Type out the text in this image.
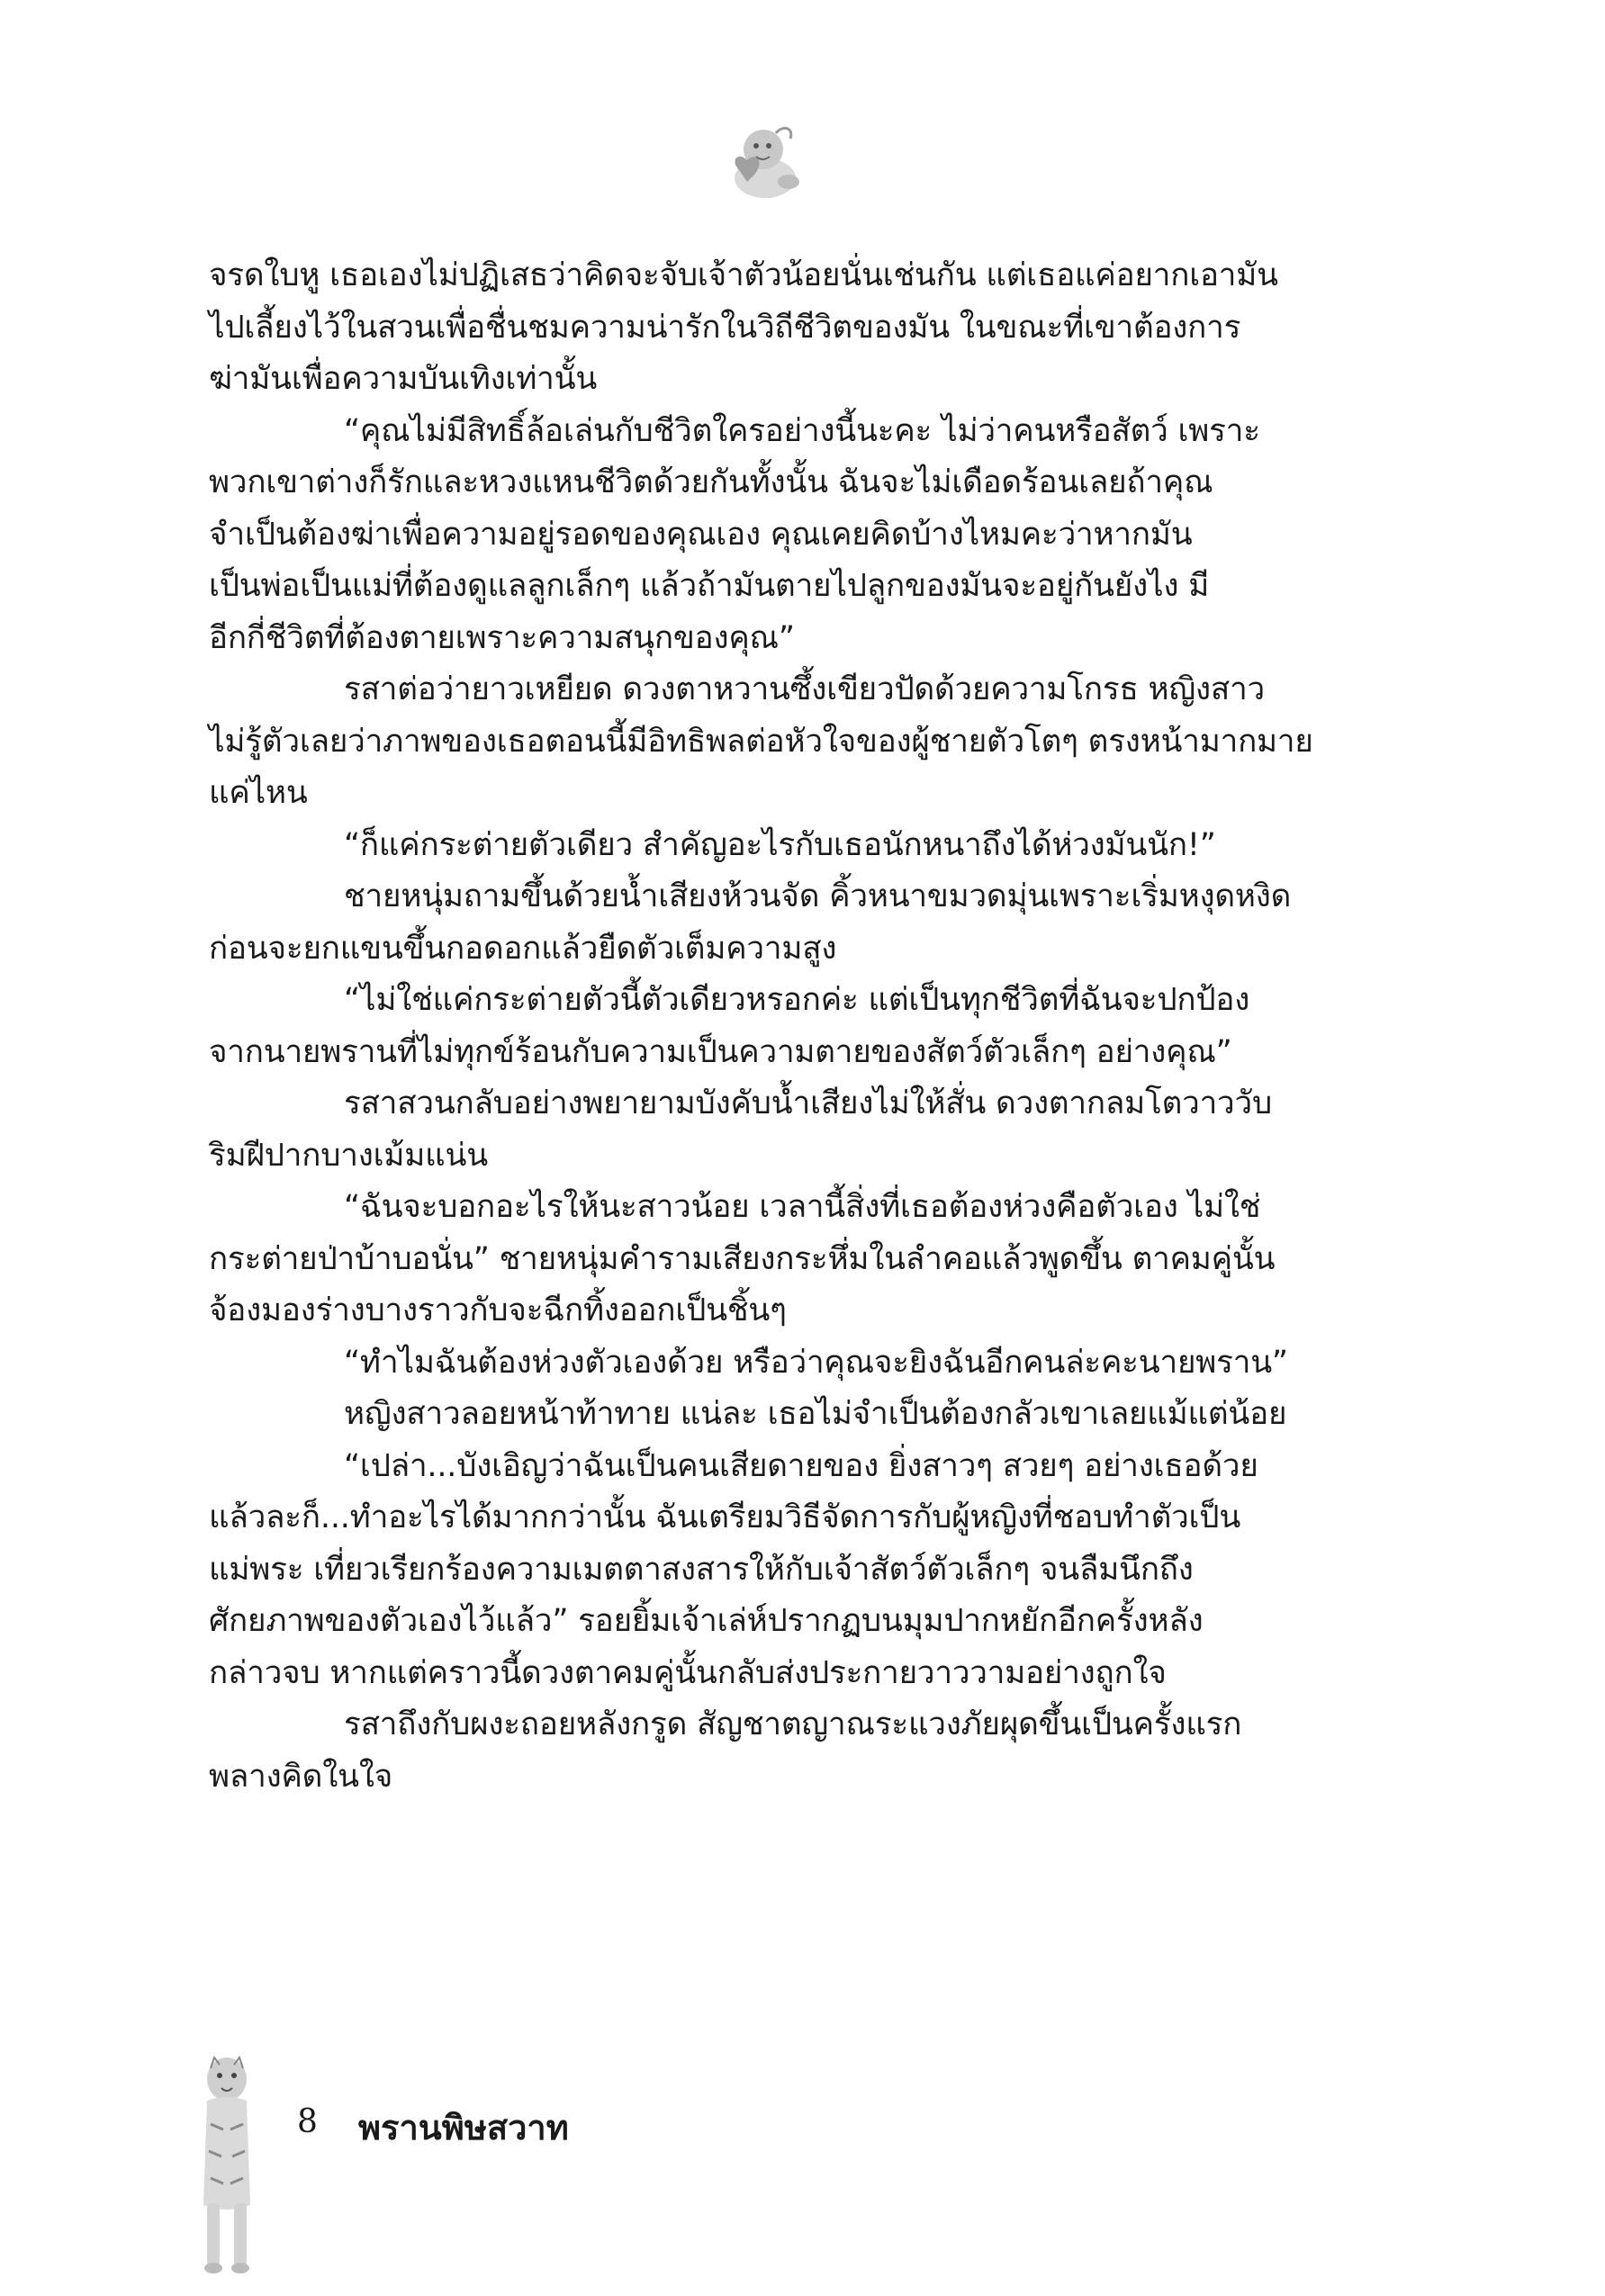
จรดใบหู เธอเองไม่ปฏิเสธว่าคิดจะจับเจ้าตัวน้อยนั่นเช่นกัน แต่เธอแค่อยากเอามัน
ไปเลี้ยงไว้ในสวนเพื่อชื่นชมความน่ารักในวิถีชีวิตของมัน ในขณะที่เขาต้องการ
ฆ่ามันเพื่อความบันเทิงเท่านั้น
“คุณไม่มีสิทธิ์ล้อเล่นกับชีวิตใครอย่างนี้นะคะ ไม่ว่าคนหรือสัตว์ เพราะ
พวกเขาต่างก็รักและหวงแหนชีวิตด้วยกันทั้งนั้น ฉันจะไม่เดือดร้อนเลยถ้าคุณ
จำเป็นต้องฆ่าเพื่อความอยู่รอดของคุณเอง คุณเคยคิดบ้างไหมคะว่าหากมัน
เป็นพ่อเป็นแม่ที่ต้องดูแลลูกเล็กๆ แล้วถ้ามันตายไปลูกของมันจะอยู่กันยังไง มี
อีกกี่ชีวิตที่ต้องตายเพราะความสนุกของคุณ”
รสาต่อว่ายาวเหยียด ดวงตาหวานซึ้งเขียวปัดด้วยความโกรธ หญิงสาว
ไม่รู้ตัวเลยว่าภาพของเธอตอนนี้มีอิทธิพลต่อหัวใจของผู้ชายตัวโตๆ ตรงหน้ามากมาย
แค่ไหน
“ก็แค่กระต่ายตัวเดียว สำคัญอะไรกับเธอนักหนาถึงได้ห่วงมันนัก!”
ชายหนุ่มถามขึ้นด้วยน้ำเสียงห้วนจัด คิ้วหนาขมวดมุ่นเพราะเริ่มหงุดหงิด
ก่อนจะยกแขนขึ้นกอดอกแล้วยืดตัวเต็มความสูง
“ไม่ใช่แค่กระต่ายตัวนี้ตัวเดียวหรอกค่ะ แต่เป็นทุกชีวิตที่ฉันจะปกป้อง
จากนายพรานที่ไม่ทุกข์ร้อนกับความเป็นความตายของสัตว์ตัวเล็กๆ อย่างคุณ”
รสาสวนกลับอย่างพยายามบังคับน้ำเสียงไม่ให้สั่น ดวงตากลมโตวาววับ
ริมฝีปากบางเม้มแน่น
“ฉันจะบอกอะไรให้นะสาวน้อย เวลานี้สิ่งที่เธอต้องห่วงคือตัวเอง ไม่ใช่
กระต่ายป่าบ้าบอนั่น” ชายหนุ่มคำรามเสียงกระหึ่มในลำคอแล้วพูดขึ้น ตาคมคู่นั้น
จ้องมองร่างบางราวกับจะฉีกทิ้งออกเป็นชิ้นๆ
“ทำไมฉันต้องห่วงตัวเองด้วย หรือว่าคุณจะยิงฉันอีกคนล่ะคะนายพราน”
หญิงสาวลอยหน้าท้าทาย แน่ละ เธอไม่จำเป็นต้องกลัวเขาเลยแม้แต่น้อย
“เปล่า...บังเอิญว่าฉันเป็นคนเสียดายของ ยิ่งสาวๆ สวยๆ อย่างเธอด้วย
แล้วละก็...ทำอะไรได้มากกว่านั้น ฉันเตรียมวิธีจัดการกับผู้หญิงที่ชอบทำตัวเป็น
แม่พระ เที่ยวเรียกร้องความเมตตาสงสารให้กับเจ้าสัตว์ตัวเล็กๆ จนลืมนึกถึง
ศักยภาพของตัวเองไว้แล้ว” รอยยิ้มเจ้าเล่ห์ปรากฏบนมุมปากหยักอีกครั้งหลัง
กล่าวจบ หากแต่คราวนี้ดวงตาคมคู่นั้นกลับส่งประกายวาววามอย่างถูกใจ
รสาถึงกับผงะถอยหลังกรูด สัญชาตญาณระแวงภัยผุดขึ้นเป็นครั้งแรก
พลางคิดในใจ
8 พรานพิษสวาท
